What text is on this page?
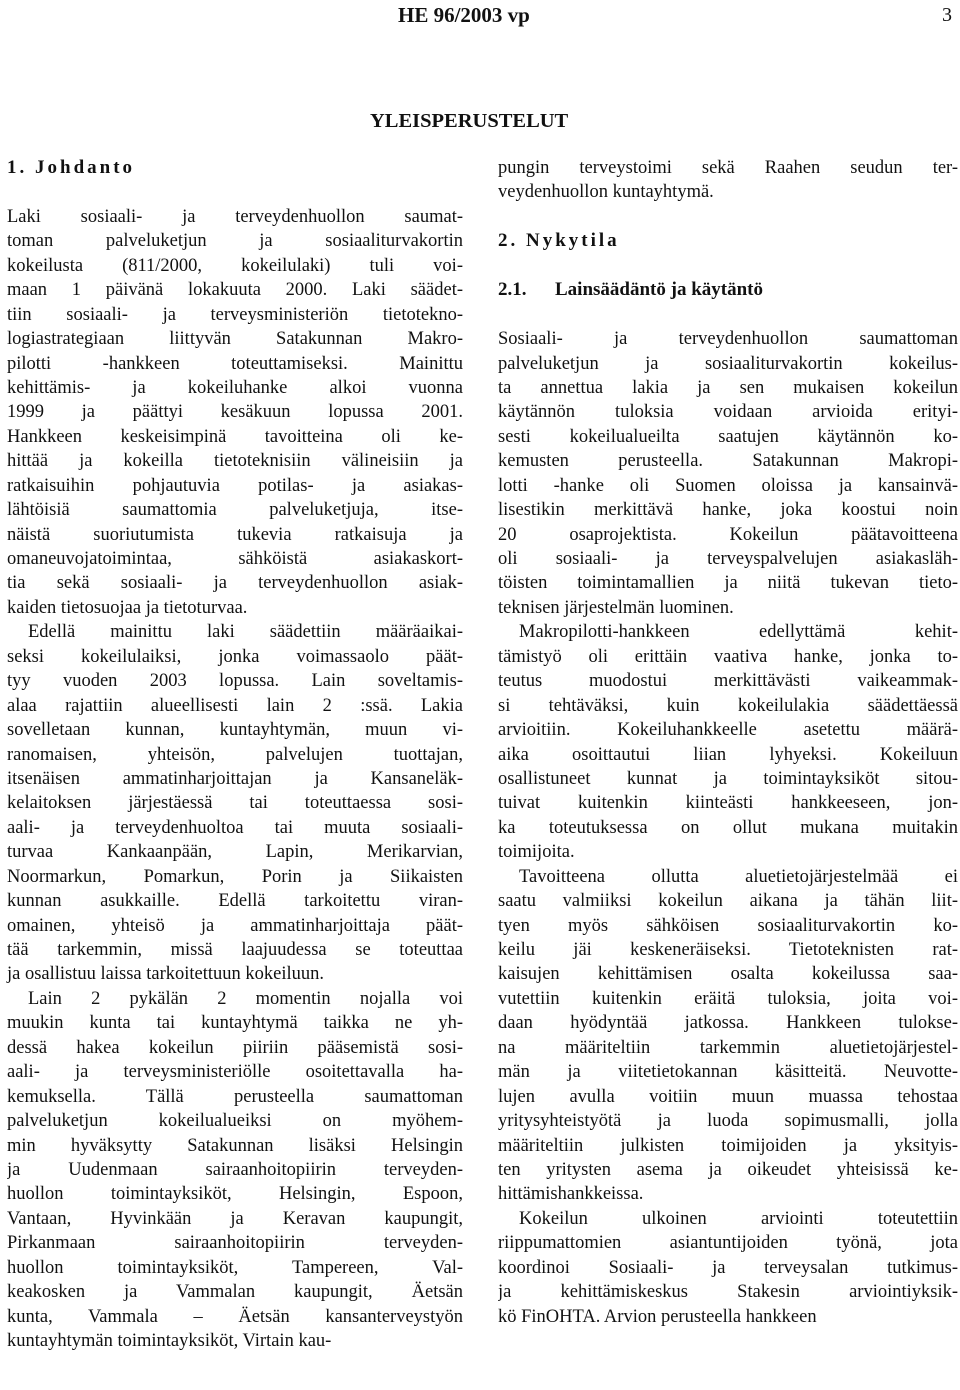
HE 96/2003 vp	3
YLEISPERUSTELUT
1. Johdanto
Laki sosiaali- ja terveydenhuollon saumat-
toman palveluketjun ja sosiaaliturvakortin
kokeilusta (811/2000, kokeilulaki) tuli voi-
maan 1 päivänä lokakuuta 2000. Laki säädet-
tiin sosiaali- ja terveysministeriön tietotekno-
logiastrategiaan liittyvän Satakunnan Makro-
pilotti -hankkeen toteuttamiseksi. Mainittu
kehittämis- ja kokeiluhanke alkoi vuonna
1999 ja päättyi kesäkuun lopussa 2001.
Hankkeen keskeisimpinä tavoitteina oli ke-
hittää ja kokeilla tietoteknisiin välineisiin ja
ratkaisuihin pohjautuvia potilas- ja asiakas-
lähtöisiä saumattomia palveluketjuja, itse-
näistä suoriutumista tukevia ratkaisuja ja
omaneuvojatoimintaa, sähköistä asiakaskort-
tia sekä sosiaali- ja terveydenhuollon asiak-
kaiden tietosuojaa ja tietoturvaa.
Edellä mainittu laki säädettiin määräaikai-
seksi kokeilulaiksi, jonka voimassaolo päät-
tyy vuoden 2003 lopussa. Lain soveltamis-
alaa rajattiin alueellisesti lain 2 :ssä. Lakia
sovelletaan kunnan, kuntayhtymän, muun vi-
ranomaisen, yhteisön, palvelujen tuottajan,
itsenäisen ammatinharjoittajan ja Kansaneläk-
kelaitoksen järjestäessä tai toteuttaessa sosi-
aali- ja terveydenhuoltoa tai muuta sosiaali-
turvaa Kankaanpään, Lapin, Merikarvian,
Noormarkun, Pomarkun, Porin ja Siikaisten
kunnan asukkaille. Edellä tarkoitettu viran-
omainen, yhteisö ja ammatinharjoittaja päät-
tää tarkemmin, missä laajuudessa se toteuttaa
ja osallistuu laissa tarkoitettuun kokeiluun.
Lain 2 pykälän 2 momentin nojalla voi
muukin kunta tai kuntayhtymä taikka ne yh-
dessä hakea kokeilun piiriin pääsemistä sosi-
aali- ja terveysministeriölle osoitettavalla ha-
kemuksella. Tällä perusteella saumattoman
palveluketjun kokeilualueiksi on myöhem-
min hyväksytty Satakunnan lisäksi Helsingin
ja Uudenmaan sairaanhoitopiirin terveyden-
huollon toimintayksiköt, Helsingin, Espoon,
Vantaan, Hyvinkään ja Keravan kaupungit,
Pirkanmaan sairaanhoitopiirin terveyden-
huollon toimintayksiköt, Tampereen, Val-
keakosken ja Vammalan kaupungit, Äetsän
kunta, Vammala – Äetsän kansanterveystyön
kuntayhtymän toimintayksiköt, Virtain kau-
pungin terveystoimi sekä Raahen seudun ter-
veydenhuollon kuntayhtymä.
2. Nykytila
2.1.      Lainsäädäntö ja käytäntö
Sosiaali- ja terveydenhuollon saumattoman
palveluketjun ja sosiaaliturvakortin kokeilus-
ta annettua lakia ja sen mukaisen kokeilun
käytännön tuloksia voidaan arvioida erityi-
sesti kokeilualueilta saatujen käytännön ko-
kemusten perusteella. Satakunnan Makropi-
lotti -hanke oli Suomen oloissa ja kansainvä-
lisestikin merkittävä hanke, joka koostui noin
20 osaprojektista. Kokeilun päätavoitteena
oli sosiaali- ja terveyspalvelujen asiakasläh-
töisten toimintamallien ja niitä tukevan tieto-
teknisen järjestelmän luominen.
Makropilotti-hankkeen edellyttämä kehit-
tämistyö oli erittäin vaativa hanke, jonka to-
teutus muodostui merkittävästi vaikeammak-
si tehtäväksi, kuin kokeilulakia säädettäessä
arvioitiin. Kokeiluhankkeelle asetettu määrä-
aika osoittautui liian lyhyeksi. Kokeiluun
osallistuneet kunnat ja toimintayksiköt sitou-
tuivat kuitenkin kiinteästi hankkeeseen, jon-
ka toteutuksessa on ollut mukana muitakin
toimijoita.
Tavoitteena ollutta aluetietojärjestelmää ei
saatu valmiiksi kokeilun aikana ja tähän liit-
tyen myös sähköisen sosiaaliturvakortin ko-
keilu jäi keskeneräiseksi. Tietoteknisten rat-
kaisujen kehittämisen osalta kokeilussa saa-
vutettiin kuitenkin eräitä tuloksia, joita voi-
daan hyödyntää jatkossa. Hankkeen tulokse-
na määriteltiin tarkemmin aluetietojärjestel-
män ja viitetietokannan käsitteitä. Neuvotte-
lujen avulla voitiin muun muassa tehostaa
yritysyhteistyötä ja luoda sopimusmalli, jolla
määriteltiin julkisten toimijoiden ja yksityis-
ten yritysten asema ja oikeudet yhteisissä ke-
hittämishankkeissa.
Kokeilun ulkoinen arviointi toteutettiin
riippumattomien asiantuntijoiden työnä, jota
koordinoi Sosiaali- ja terveysalan tutkimus-
ja kehittämiskeskus Stakesin arviointiyksik-
kö FinOHTA. Arvion perusteella hankkeen
